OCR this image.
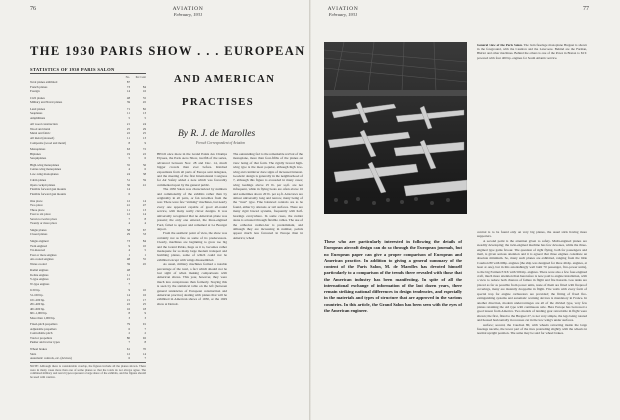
76	AVIATION
February, 1931
AVIATION
February, 1931
77
THE 1930 PARIS SHOW . . . EUROPEAN
AND AMERICAN
PRACTISES
By R. J. de Marolles
French Correspondent of Aviation
STATISTICS OF 1930 PARIS SALON
No.	Per Cent
Total planes exhibited	87
French planes	73	84
Foreign	14	16
Civil planes	48	55
Military and Naval planes	39	45
Land planes	71	82
Seaplanes	11	13
Amphibians	5	5
All wood construction	21	24
Wood and metal	25	29
Metal and fabric	22	25
All metal (stressed)	11	13
Composite (wood and metal)	8	9
Monoplanes	63	72
Biplanes	19	22
Sesquiplanes	5	6
High-wing monoplanes	35	56
Center-wing monoplanes	4	6
Low-wing monoplanes	24	38
Cabin planes	51	59
Open cockpit planes	36	41
Flexible forward gun mounts	14
Flexible forward gun mounts	6
One place	12	14
Two place	41	47
Three place	11	13
Four to six place	12	14
Seven to twelve place	7	8
Twenty or more place	4	4
Single planes	58	67
Closed planes	29	33
Single engined	73	84
Twin engined	9	10
Tri-motored	4	5
Four or more engines	1	1
Air-cooled engines	48	55
Water-cooled	39	45
Radial engines	48
In-line engines	11
V-type engines	21
W-type engines	7
0-50 hp.	9	10
51-100 hp.	14	16
101-200 hp.	15	17
201-400 hp.	22	25
401-600 hp.	16	18
601-1,000 hp.	8	9
More than 1,000 hp.	3	3
Fixed-pitch propellers	79	91
Adjustable propellers	6	7
Controllable pitch	2	2
Tractor propellers	80	92
Pusher and tractor types	7	8
Wheel brakes	61	70
Slots	12	14
Automatic controls, etc. (devices)	6	7
NOTE: Although there is considerable overlap, the figures include all the planes shown. There were in many cases more than one of some planes so that the totals do not always agree. The combined military and naval types represent a large share of the exhibits, and the figures should be used with caution.

HELD once more in the Grand Palais des Champs Elysees, the Paris Aero Show, twelfth of the series, advanced between Nov. 28 and Dec. 14, much bigger crowds than ever before. Kindred expositions from all parts of Europe sent delegates, and the meeting of the first International Congress for Air Safety added a note which was favorably commented upon by the general public.

The 1930 Salon was characterized by numbers and commonality of the exhibits rather than by originality in all parts, or fan novelties from the rear. There were few "striking" machines, but nearly every one appeared capable of good all-round service, with many really clever designs. It was universally recognized that no American plane was present; the only one entered, the three-engined Ford, failed to appear and remained at Le Bourget airport.

From the aesthetic point of view, the show was certainly not as fine as some of its predecessors. Clearly, machines are beginning to grow too big and the Grand Palais, huge as it is, becomes rather inadequate for so many large modern transport and bombing planes, some of which could not be exhibited except with wings disassembled.

As usual, military machines formed a notable percentage of the total, a fact which should not be lost sight of when making comparisons with American shows. This year, however, they were much less conspicuous than formerly. Staying this is seen by the statistical table on the left (between general tendencies of European construction and American practice) dealing with planes that will be exhibited in American shows of 1930, or the 1929 show at Detroit.

The outstanding fact is the remarkable revival of the monoplane, more than four-fifths of the planes on view being of that form. The rigidly braced high-wing type is the most popular, although high low-wing and cantilever duce signs of increased interest. Geodetic design is generally in the neighborhood of 7, although this figure is exceeded in many cases; wing loadings above 25 lb. per sq.ft. are not infrequent, while in flying boats are often above 16 and sometimes above 20 lb. per sq.ft. Airscrews are almost universally long and narrow, many being of the "trust" type. Fine balanced controls are to be found, either by ailerons or tail surfaces. There are many rigid braced systems, frequently with half-bearings everywhere. In some cases, the rudder alone is actuated through flexible cables. The use of the orthodox rudder-bar is predominant, and although they are increasing in number, pedals appear much less favoured in Europe than in America; wheel

General view of the Paris Salon. The twin fuselage monoplane Breguet is shown in the foreground, with the Caudron and the Latecoere. Behind are the Farman, Blériot and other machines. Behind the others is one of the Potez in Breton to M.T. powered with four 400 hp. engines for South Atlantic service.
These who are particularly interested in following the details of European aircraft design can do so through the European journals, but no European paper can give a proper comparison of European and American practice. In addition to giving a general summary of the content of the Paris Salon, M. de Marolles has devoted himself particularly to a comparison of the trends there revealed with those that the American industry has been manifesting. In spite of all the international exchange of information of the last dozen years, there remain striking national differences in design tendencies, and especially in the materials and types of structure that are approved in the various countries. In this article, the Grand Salon has been seen with the eyes of the American engineer.

control is to be found only on very big planes, the usual stick having more supporters.

A second point is the attention given to safety. Multi-engined planes are steadily developing; the twin-engined machine has few devotees, while the three-engined type gains favour. The question of right flying, both for passengers and mail, is given serious attention and it is agreed that three engines constitute an absolute minimum. So, many such planes are exhibited, ranging from the little Caudron 80 with 60hp. engines (the ship was designed for three 40-hp. engines, at least at one), but in this astonishingly well built 70 passenger, five-power units), to the big Farman F.XX with 500-hp. engines. There were also a few four-engined craft, much more attention than heretofore is now paid to engine installation, with a view to reduce both chances of failure in flight and fire hazards. Gas tanks are placed as far as possible from power units, none of them are fitted with fireproof coverings, many are instantly droppable in flight. Fire walls with every form of special trap for engine carburetors are provided; the fitting of fixed fire-extinguishing systems and automatic warning devices is mandatory in France. In another direction, modern undercarriages are all of the divided type, very few planes retaining the old type with continuous axle. Here Europe has borrowed a good lesson from America. Two models of landing gear retractable in flight were shown; the first, fitted to the Breguet 27, is not very simple, the legs being rotated and housed horizontally in recesses cut in the low wing's under surfaces.

surface; second, the Caudron 80, with wheels retracting inside the large fuselage nacelle, the lower part of the tires protruding slightly with the wheels in normal upright position. The same may be said for wheel brakes.
